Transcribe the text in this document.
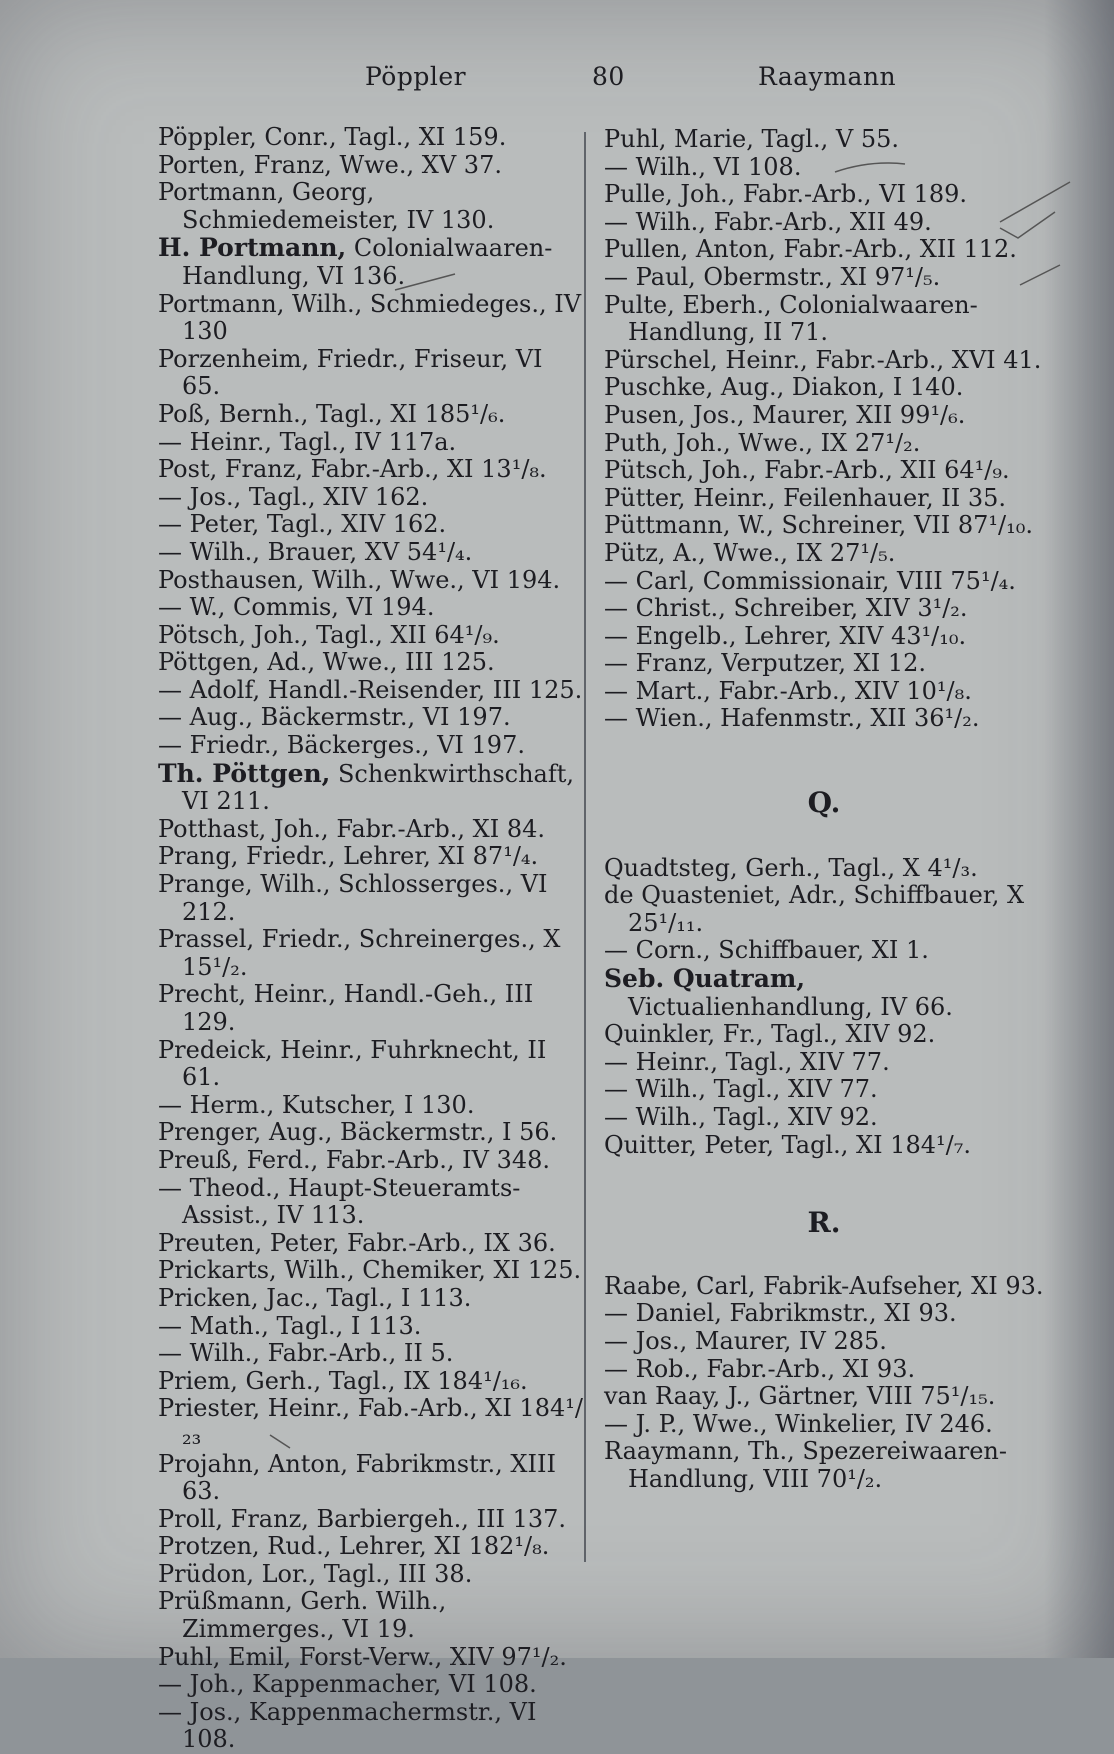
Pöppler	80	Raaymann

Pöppler, Conr., Tagl., XI 159.

Porten, Franz, Wwe., XV 37.

Portmann, Georg, Schmiedemeister, IV 130.

H. Portmann, Colonialwaaren-Handlung, VI 136.

Portmann, Wilh., Schmiedeges., IV 130

Porzenheim, Friedr., Friseur, VI 65.

Poß, Bernh., Tagl., XI 185¹/₆.

— Heinr., Tagl., IV 117a.

Post, Franz, Fabr.-Arb., XI 13¹/₈.

— Jos., Tagl., XIV 162.

— Peter, Tagl., XIV 162.

— Wilh., Brauer, XV 54¹/₄.

Posthausen, Wilh., Wwe., VI 194.

— W., Commis, VI 194.

Pötsch, Joh., Tagl., XII 64¹/₉.

Pöttgen, Ad., Wwe., III 125.

— Adolf, Handl.-Reisender, III 125.

— Aug., Bäckermstr., VI 197.

— Friedr., Bäckerges., VI 197.

Th. Pöttgen, Schenkwirthschaft, VI 211.

Potthast, Joh., Fabr.-Arb., XI 84.

Prang, Friedr., Lehrer, XI 87¹/₄.

Prange, Wilh., Schlosserges., VI 212.

Prassel, Friedr., Schreinerges., X 15¹/₂.

Precht, Heinr., Handl.-Geh., III 129.

Predeick, Heinr., Fuhrknecht, II 61.

— Herm., Kutscher, I 130.

Prenger, Aug., Bäckermstr., I 56.

Preuß, Ferd., Fabr.-Arb., IV 348.

— Theod., Haupt-Steueramts-Assist., IV 113.

Preuten, Peter, Fabr.-Arb., IX 36.

Prickarts, Wilh., Chemiker, XI 125.

Pricken, Jac., Tagl., I 113.

— Math., Tagl., I 113.

— Wilh., Fabr.-Arb., II 5.

Priem, Gerh., Tagl., IX 184¹/₁₆.

Priester, Heinr., Fab.-Arb., XI 184¹/₂₃

Projahn, Anton, Fabrikmstr., XIII 63.

Proll, Franz, Barbiergeh., III 137.

Protzen, Rud., Lehrer, XI 182¹/₈.

Prüdon, Lor., Tagl., III 38.

Prüßmann, Gerh. Wilh., Zimmerges., VI 19.

Puhl, Emil, Forst-Verw., XIV 97¹/₂.

— Joh., Kappenmacher, VI 108.

— Jos., Kappenmachermstr., VI 108.

Puhl, Marie, Tagl., V 55.

— Wilh., VI 108.

Pulle, Joh., Fabr.-Arb., VI 189.

— Wilh., Fabr.-Arb., XII 49.

Pullen, Anton, Fabr.-Arb., XII 112.

— Paul, Obermstr., XI 97¹/₅.

Pulte, Eberh., Colonialwaaren-Handlung, II 71.

Pürschel, Heinr., Fabr.-Arb., XVI 41.

Puschke, Aug., Diakon, I 140.

Pusen, Jos., Maurer, XII 99¹/₆.

Puth, Joh., Wwe., IX 27¹/₂.

Pütsch, Joh., Fabr.-Arb., XII 64¹/₉.

Pütter, Heinr., Feilenhauer, II 35.

Püttmann, W., Schreiner, VII 87¹/₁₀.

Pütz, A., Wwe., IX 27¹/₅.

— Carl, Commissionair, VIII 75¹/₄.

— Christ., Schreiber, XIV 3¹/₂.

— Engelb., Lehrer, XIV 43¹/₁₀.

— Franz, Verputzer, XI 12.

— Mart., Fabr.-Arb., XIV 10¹/₈.

— Wien., Hafenmstr., XII 36¹/₂.

Q.

Quadtsteg, Gerh., Tagl., X 4¹/₃.

de Quasteniet, Adr., Schiffbauer, X 25¹/₁₁.

— Corn., Schiffbauer, XI 1.

Seb. Quatram, Victualienhandlung, IV 66.

Quinkler, Fr., Tagl., XIV 92.

— Heinr., Tagl., XIV 77.

— Wilh., Tagl., XIV 77.

— Wilh., Tagl., XIV 92.

Quitter, Peter, Tagl., XI 184¹/₇.

R.

Raabe, Carl, Fabrik-Aufseher, XI 93.

— Daniel, Fabrikmstr., XI 93.

— Jos., Maurer, IV 285.

— Rob., Fabr.-Arb., XI 93.

van Raay, J., Gärtner, VIII 75¹/₁₅.

— J. P., Wwe., Winkelier, IV 246.

Raaymann, Th., Spezereiwaaren-Handlung, VIII 70¹/₂.
